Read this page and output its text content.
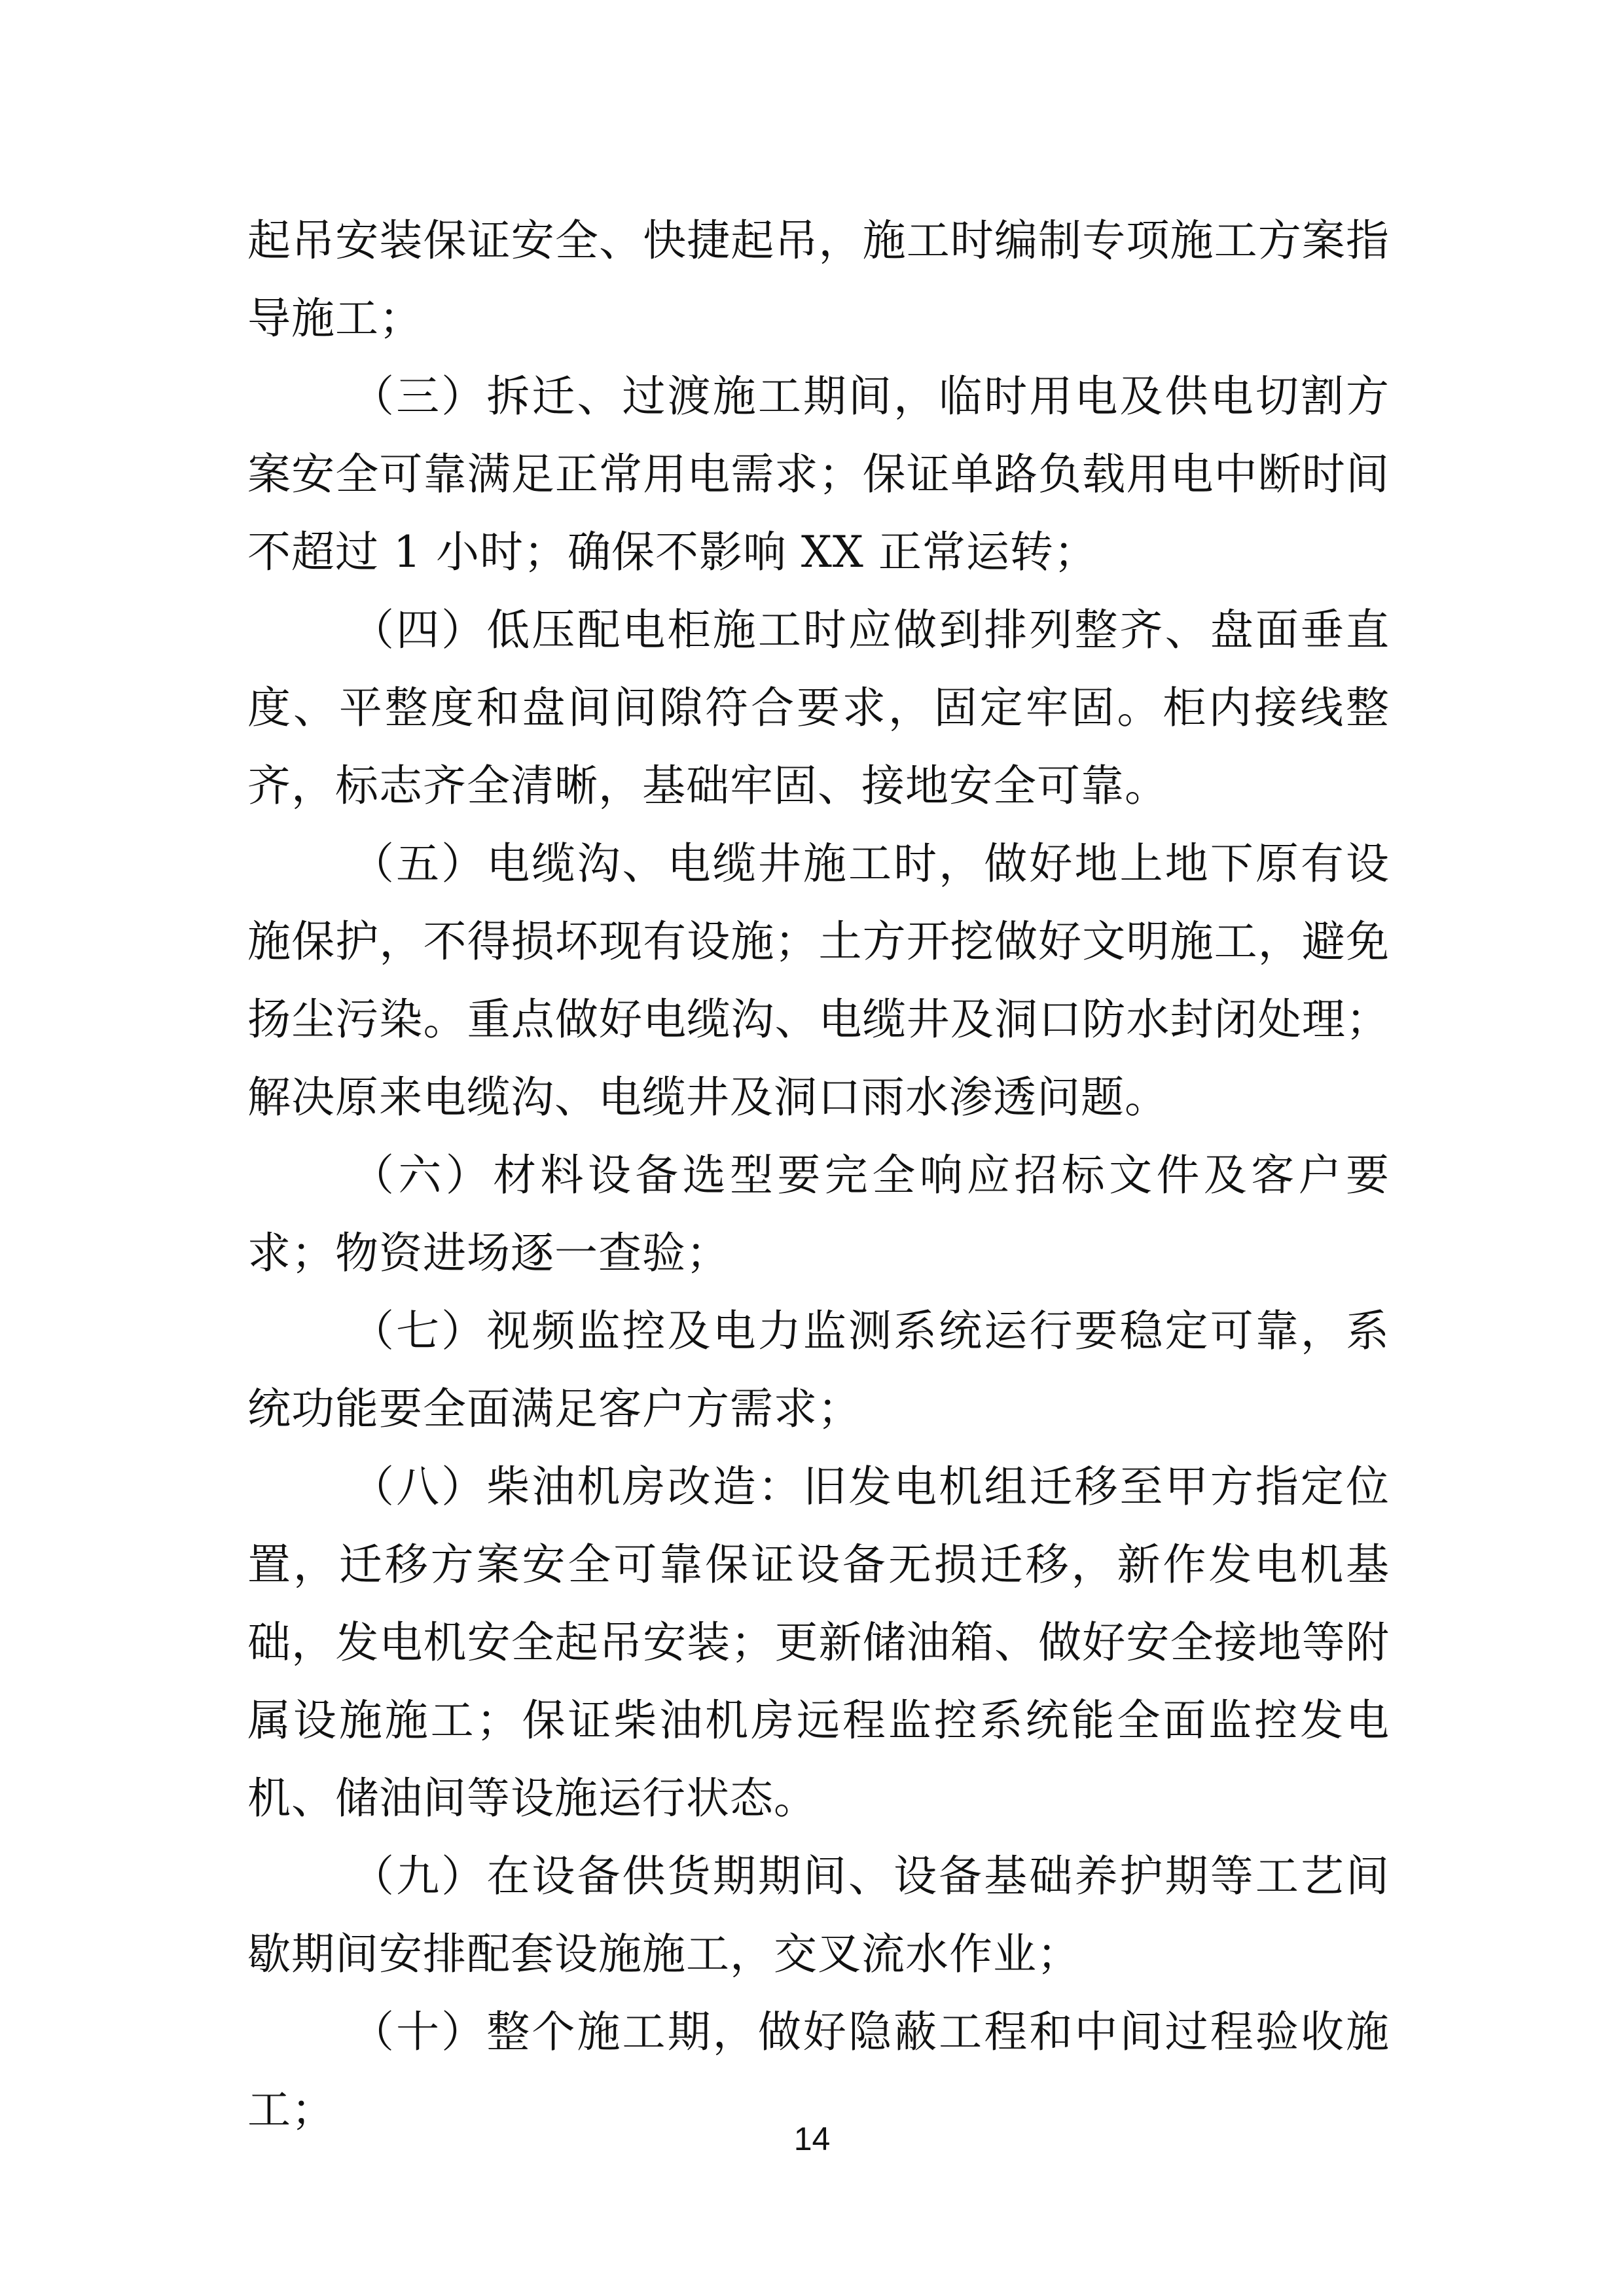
起吊安装保证安全、快捷起吊，施工时编制专项施工方案指导施工；

（三）拆迁、过渡施工期间，临时用电及供电切割方案安全可靠满足正常用电需求；保证单路负载用电中断时间不超过 1 小时；确保不影响 XX 正常运转；

（四）低压配电柜施工时应做到排列整齐、盘面垂直度、平整度和盘间间隙符合要求，固定牢固。柜内接线整齐，标志齐全清晰，基础牢固、接地安全可靠。

（五）电缆沟、电缆井施工时，做好地上地下原有设施保护，不得损坏现有设施；土方开挖做好文明施工，避免扬尘污染。重点做好电缆沟、电缆井及洞口防水封闭处理；解决原来电缆沟、电缆井及洞口雨水渗透问题。

（六）材料设备选型要完全响应招标文件及客户要求；物资进场逐一查验；

（七）视频监控及电力监测系统运行要稳定可靠，系统功能要全面满足客户方需求；

（八）柴油机房改造：旧发电机组迁移至甲方指定位置，迁移方案安全可靠保证设备无损迁移，新作发电机基础，发电机安全起吊安装；更新储油箱、做好安全接地等附属设施施工；保证柴油机房远程监控系统能全面监控发电机、储油间等设施运行状态。

（九）在设备供货期期间、设备基础养护期等工艺间歇期间安排配套设施施工，交叉流水作业；

（十）整个施工期，做好隐蔽工程和中间过程验收施工；

14
